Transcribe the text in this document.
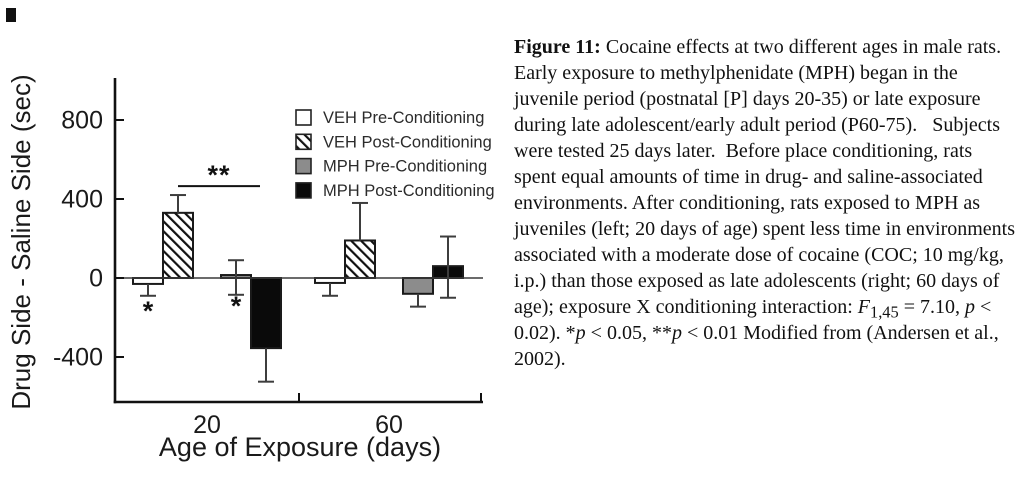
800
400
0
-400
20	60
Age of Exposure (days)
Drug Side - Saline Side (sec)	VEH Pre-Conditioning
VEH Post-Conditioning
MPH Pre-Conditioning
MPH Post-Conditioning
**
*	*
Figure 11: Cocaine effects at two different ages in male rats.  Early exposure to methylphenidate (MPH) began in the juvenile period (postnatal [P] days 20-35) or late exposure during late adolescent/early adult period (P60-75).   Subjects were tested 25 days later.  Before place conditioning, rats spent equal amounts of time in drug- and saline-associated environments. After conditioning, rats exposed to MPH as juveniles (left; 20 days of age) spent less time in environments associated with a moderate dose of cocaine (COC; 10 mg/kg, i.p.) than those exposed as late adolescents (right; 60 days of age); exposure X conditioning interaction: $F_{1,45} = 7.10$, p < 0.02). *p < 0.05, **p < 0.01 Modified from (Andersen et al., 2002).
